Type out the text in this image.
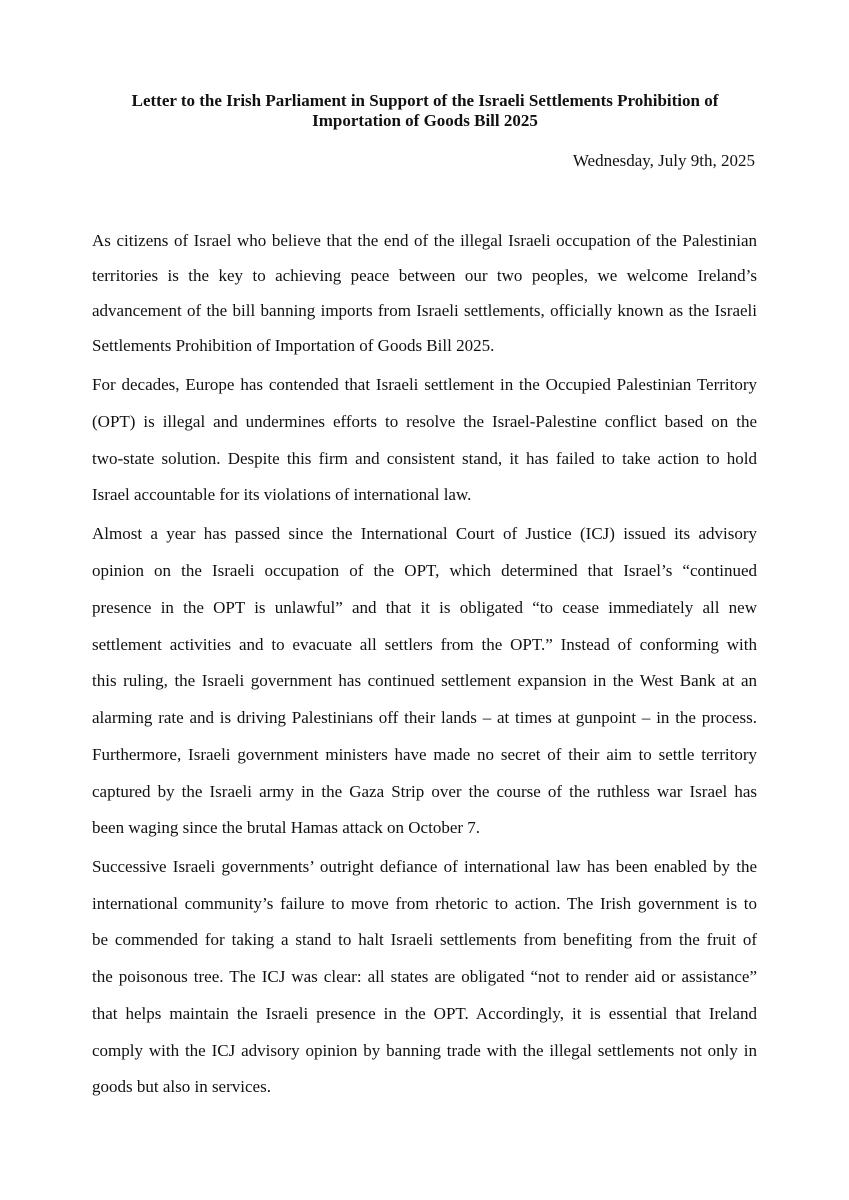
Letter to the Irish Parliament in Support of the Israeli Settlements Prohibition of
Importation of Goods Bill 2025
Wednesday, July 9th, 2025
As citizens of Israel who believe that the end of the illegal Israeli occupation of the Palestinian
territories is the key to achieving peace between our two peoples, we welcome Ireland’s
advancement of the bill banning imports from Israeli settlements, officially known as the Israeli
Settlements Prohibition of Importation of Goods Bill 2025.
For decades, Europe has contended that Israeli settlement in the Occupied Palestinian Territory
(OPT) is illegal and undermines efforts to resolve the Israel-Palestine conflict based on the
two-state solution. Despite this firm and consistent stand, it has failed to take action to hold
Israel accountable for its violations of international law.
Almost a year has passed since the International Court of Justice (ICJ) issued its advisory
opinion on the Israeli occupation of the OPT, which determined that Israel’s “continued
presence in the OPT is unlawful” and that it is obligated “to cease immediately all new
settlement activities and to evacuate all settlers from the OPT.” Instead of conforming with
this ruling, the Israeli government has continued settlement expansion in the West Bank at an
alarming rate and is driving Palestinians off their lands – at times at gunpoint – in the process.
Furthermore, Israeli government ministers have made no secret of their aim to settle territory
captured by the Israeli army in the Gaza Strip over the course of the ruthless war Israel has
been waging since the brutal Hamas attack on October 7.
Successive Israeli governments’ outright defiance of international law has been enabled by the
international community’s failure to move from rhetoric to action. The Irish government is to
be commended for taking a stand to halt Israeli settlements from benefiting from the fruit of
the poisonous tree. The ICJ was clear: all states are obligated “not to render aid or assistance”
that helps maintain the Israeli presence in the OPT. Accordingly, it is essential that Ireland
comply with the ICJ advisory opinion by banning trade with the illegal settlements not only in
goods but also in services.
